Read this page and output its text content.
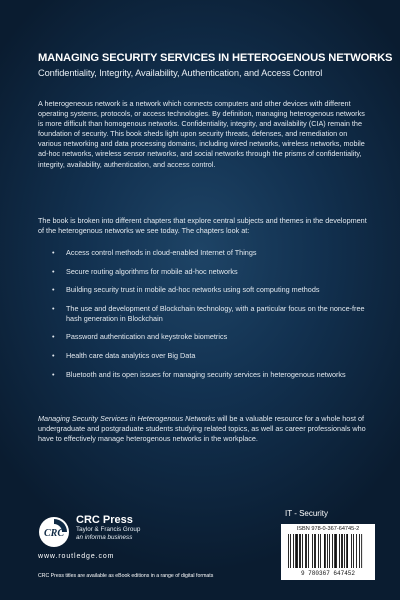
MANAGING SECURITY SERVICES IN HETEROGENOUS NETWORKS
Confidentiality, Integrity, Availability, Authentication, and Access Control

A heterogeneous network is a network which connects computers and other devices with different operating systems, protocols, or access technologies. By definition, managing heterogenous networks is more difficult than homogenous networks. Confidentiality, integrity, and availability (CIA) remain the foundation of security. This book sheds light upon security threats, defenses, and remediation on various networking and data processing domains, including wired networks, wireless networks, mobile ad-hoc networks, wireless sensor networks, and social networks through the prisms of confidentiality, integrity, availability, authentication, and access control.

The book is broken into different chapters that explore central subjects and themes in the development of the heterogenous networks we see today. The chapters look at:

• Access control methods in cloud-enabled Internet of Things
• Secure routing algorithms for mobile ad-hoc networks
• Building security trust in mobile ad-hoc networks using soft computing methods
• The use and development of Blockchain technology, with a particular focus on the nonce-free hash generation in Blockchain
• Password authentication and keystroke biometrics
• Health care data analytics over Big Data
• Bluetooth and its open issues for managing security services in heterogenous networks

Managing Security Services in Heterogenous Networks will be a valuable resource for a whole host of undergraduate and postgraduate students studying related topics, as well as career professionals who have to effectively manage heterogenous networks in the workplace.

CRC
CRC Press
Taylor & Francis Group
an informa business
www.routledge.com
CRC Press titles are available as eBook editions in a range of digital formats
IT - Security
ISBN 978-0-367-64745-2
9 780367 647452
